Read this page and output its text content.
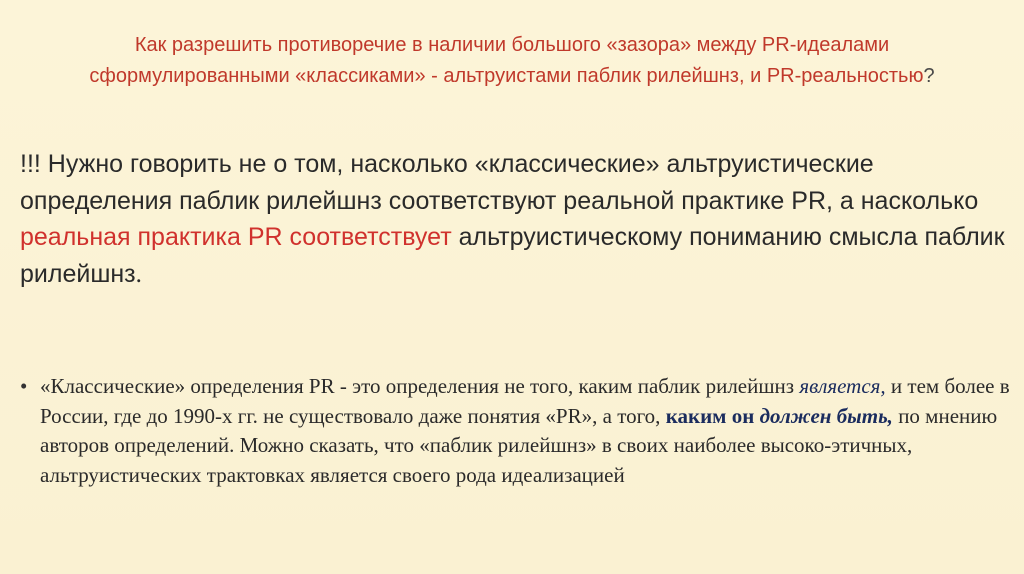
Как разрешить противоречие в наличии большого «зазора» между PR-идеалами сформулированными «классиками» - альтруистами паблик рилейшнз, и PR-реальностью?
!!! Нужно говорить не о том, насколько «классические» альтруистические определения паблик рилейшнз соответствуют реальной практике PR, а насколько реальная практика PR соответствует альтруистическому пониманию смысла паблик рилейшнз.
• «Классические» определения PR - это определения не того, каким паблик рилейшнз является, и тем более в России, где до 1990-х гг. не существовало даже понятия «PR», а того, каким он должен быть, по мнению авторов определений. Можно сказать, что «паблик рилейшнз» в своих наиболее высоко-этичных, альтруистических трактовках является своего рода идеализацией
